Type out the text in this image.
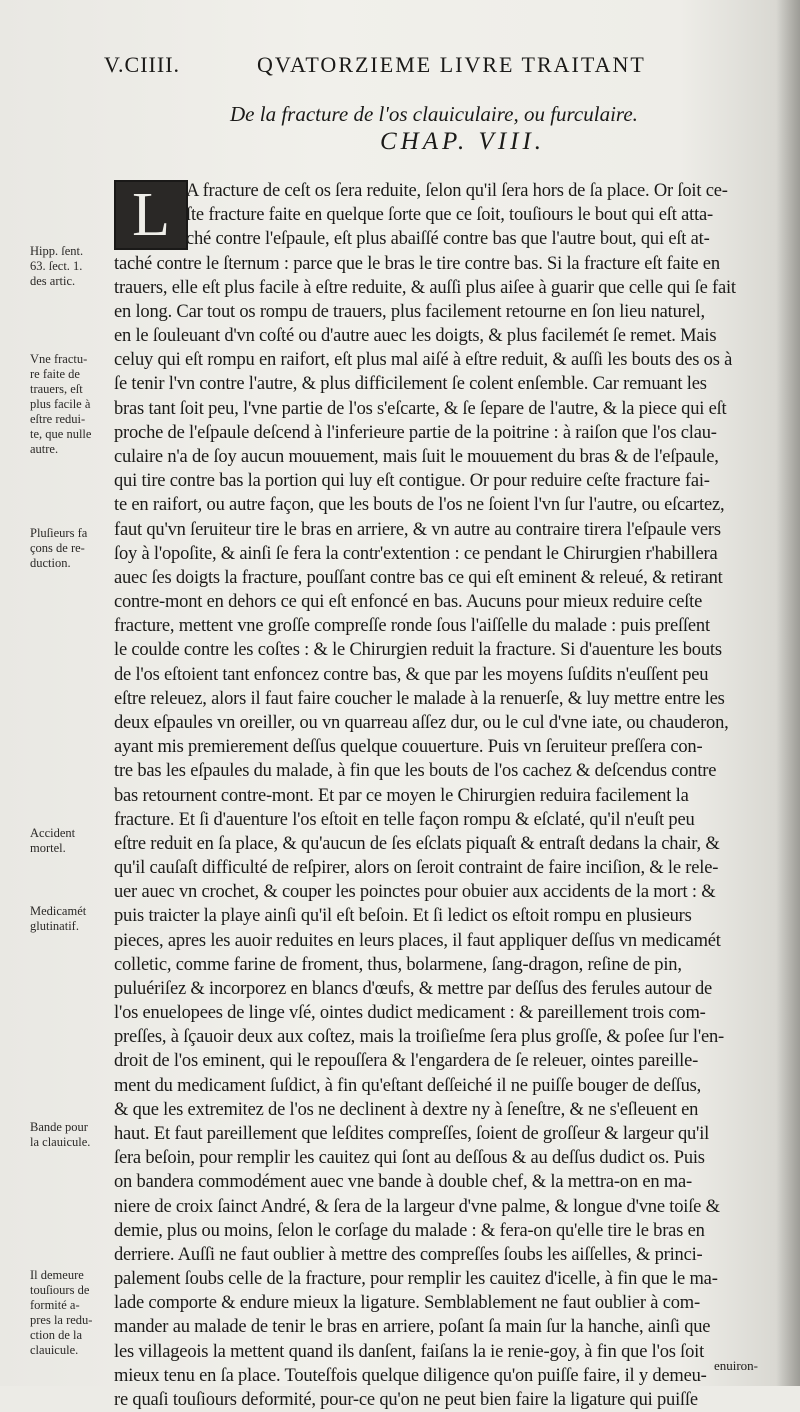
V.CIIII.	QVATORZIEME LIVRE TRAITANT
De la fracture de l'os clauiculaire, ou furculaire.
CHAP. VIII.
L A fracture de ceſt os ſera reduite, ſelon qu'il ſera hors de ſa place. Or ſoit ce-
ſte fracture faite en quelque ſorte que ce ſoit, touſiours le bout qui eſt atta-
ché contre l'eſpaule, eſt plus abaiſſé contre bas que l'autre bout, qui eſt at-
taché contre le ſternum : parce que le bras le tire contre bas. Si la fracture eſt faite en
trauers, elle eſt plus facile à eſtre reduite, & auſſi plus aiſee à guarir que celle qui ſe fait
en long. Car tout os rompu de trauers, plus facilement retourne en ſon lieu naturel,
en le ſouleuant d'vn coſté ou d'autre auec les doigts, & plus facilemét ſe remet. Mais
celuy qui eſt rompu en raifort, eſt plus mal aiſé à eſtre reduit, & auſſi les bouts des os à
ſe tenir l'vn contre l'autre, & plus difficilement ſe colent enſemble. Car remuant les
bras tant ſoit peu, l'vne partie de l'os s'eſcarte, & ſe ſepare de l'autre, & la piece qui eſt
proche de l'eſpaule deſcend à l'inferieure partie de la poitrine : à raiſon que l'os clau-
culaire n'a de ſoy aucun mouuement, mais ſuit le mouuement du bras & de l'eſpaule,
qui tire contre bas la portion qui luy eſt contigue. Or pour reduire ceſte fracture fai-
te en raifort, ou autre façon, que les bouts de l'os ne ſoient l'vn ſur l'autre, ou eſcartez,
faut qu'vn ſeruiteur tire le bras en arriere, & vn autre au contraire tirera l'eſpaule vers
ſoy à l'opoſite, & ainſi ſe fera la contr'extention : ce pendant le Chirurgien r'habillera
auec ſes doigts la fracture, pouſſant contre bas ce qui eſt eminent & releué, & retirant
contre-mont en dehors ce qui eſt enfoncé en bas. Aucuns pour mieux reduire ceſte
fracture, mettent vne groſſe compreſſe ronde ſous l'aiſſelle du malade : puis preſſent
le coulde contre les coſtes : & le Chirurgien reduit la fracture. Si d'auenture les bouts
de l'os eſtoient tant enfoncez contre bas, & que par les moyens ſuſdits n'euſſent peu
eſtre releuez, alors il faut faire coucher le malade à la renuerſe, & luy mettre entre les
deux eſpaules vn oreiller, ou vn quarreau aſſez dur, ou le cul d'vne iate, ou chauderon,
ayant mis premierement deſſus quelque couuerture. Puis vn ſeruiteur preſſera con-
tre bas les eſpaules du malade, à fin que les bouts de l'os cachez & deſcendus contre
bas retournent contre-mont. Et par ce moyen le Chirurgien reduira facilement la
fracture. Et ſi d'auenture l'os eſtoit en telle façon rompu & eſclaté, qu'il n'euſt peu
eſtre reduit en ſa place, & qu'aucun de ſes eſclats piquaſt & entraſt dedans la chair, &
qu'il cauſaſt difficulté de reſpirer, alors on ſeroit contraint de faire inciſion, & le rele-
uer auec vn crochet, & couper les poinctes pour obuier aux accidents de la mort : &
puis traicter la playe ainſi qu'il eſt beſoin. Et ſi ledict os eſtoit rompu en plusieurs
pieces, apres les auoir reduites en leurs places, il faut appliquer deſſus vn medicamét
colletic, comme farine de froment, thus, bolarmene, ſang-dragon, reſine de pin,
puluériſez & incorporez en blancs d'œufs, & mettre par deſſus des ferules autour de
l'os enuelopees de linge vſé, ointes dudict medicament : & pareillement trois com-
preſſes, à ſçauoir deux aux coſtez, mais la troiſieſme ſera plus groſſe, & poſee ſur l'en-
droit de l'os eminent, qui le repouſſera & l'engardera de ſe releuer, ointes pareille-
ment du medicament ſuſdict, à fin qu'eſtant deſſeiché il ne puiſſe bouger de deſſus,
& que les extremitez de l'os ne declinent à dextre ny à ſeneſtre, & ne s'eſleuent en
haut. Et faut pareillement que leſdites compreſſes, ſoient de groſſeur & largeur qu'il
ſera beſoin, pour remplir les cauitez qui ſont au deſſous & au deſſus dudict os. Puis
on bandera commodément auec vne bande à double chef, & la mettra-on en ma-
niere de croix ſainct André, & ſera de la largeur d'vne palme, & longue d'vne toiſe &
demie, plus ou moins, ſelon le corſage du malade : & fera-on qu'elle tire le bras en
derriere. Auſſi ne faut oublier à mettre des compreſſes ſoubs les aiſſelles, & princi-
palement ſoubs celle de la fracture, pour remplir les cauitez d'icelle, à fin que le ma-
lade comporte & endure mieux la ligature. Semblablement ne faut oublier à com-
mander au malade de tenir le bras en arriere, poſant ſa main ſur la hanche, ainſi que
les villageois la mettent quand ils danſent, faiſans la ie renie-goy, à fin que l'os ſoit
mieux tenu en ſa place. Touteſfois quelque diligence qu'on puiſſe faire, il y demeu-
re quaſi touſiours deformité, pour-ce qu'on ne peut bien faire la ligature qui puiſſe
Hipp. ſent.
63. ſect. 1.
des artic.
Vne fractu-
re faite de
trauers, eſt
plus facile à
eſtre redui-
te, que nulle
autre.
Pluſieurs fa
çons de re-
duction.
Accident
mortel.
Medicamét
glutinatif.
Bande pour
la clauicule.
Il demeure
touſiours de
formité a-
pres la redu-
ction de la
clauicule.
enuiron-
